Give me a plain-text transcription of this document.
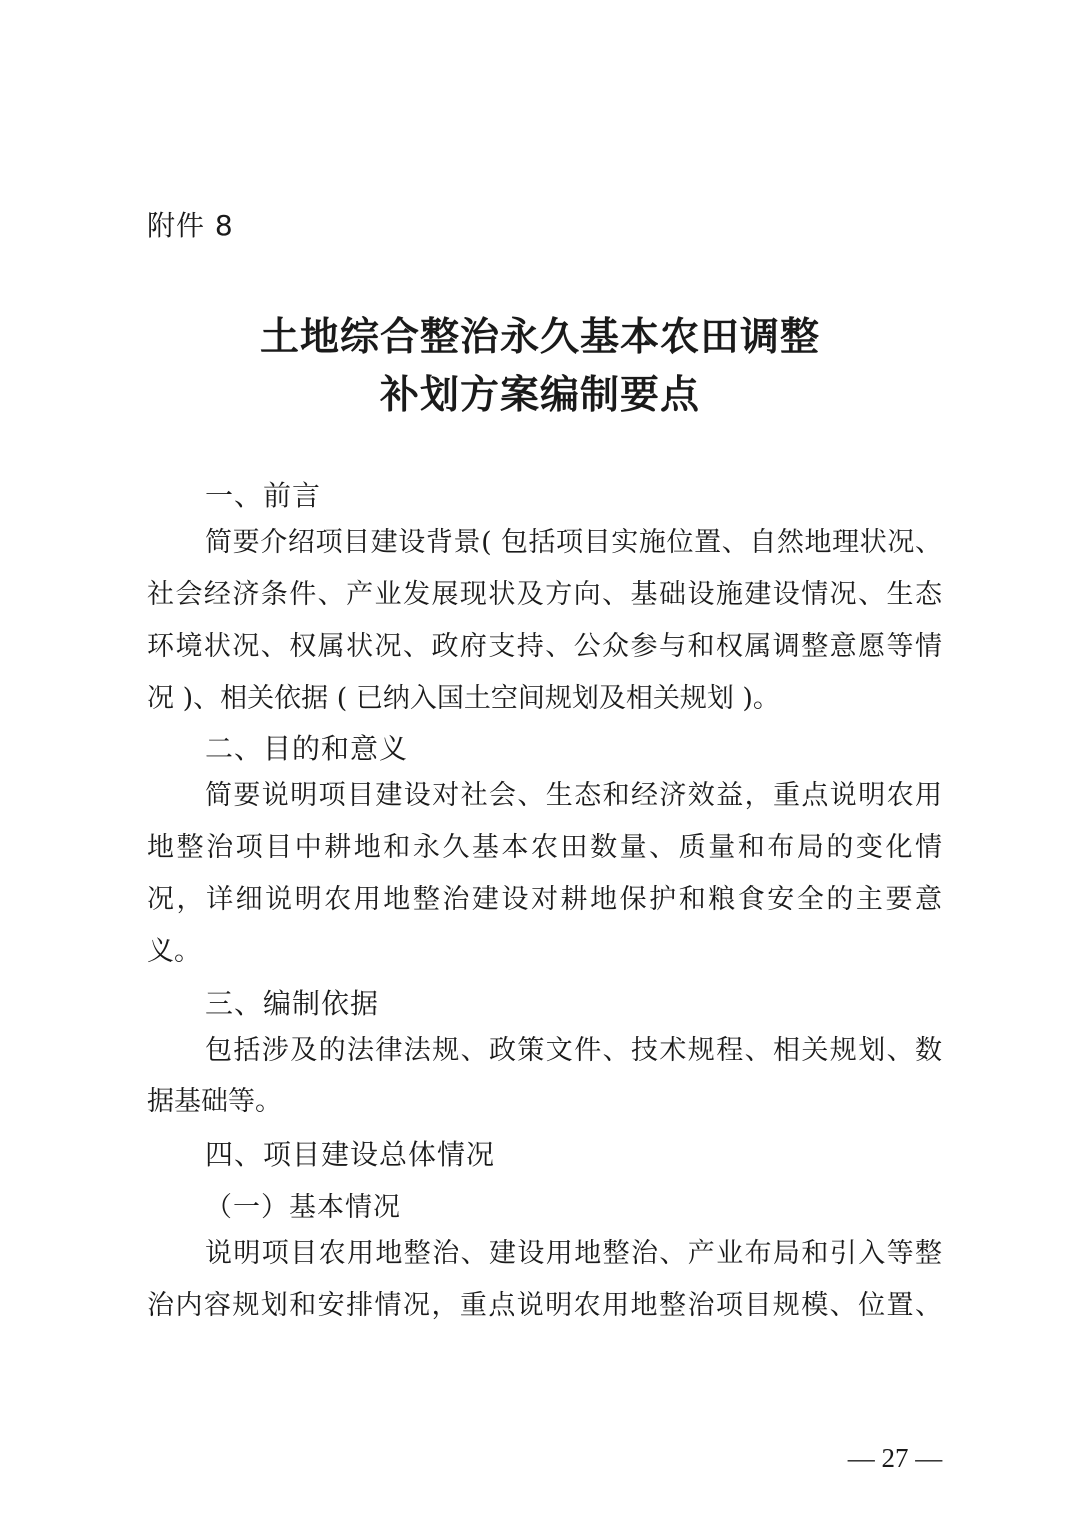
附件 8
土地综合整治永久基本农田调整
补划方案编制要点
一、前言
简要介绍项目建设背景( 包括项目实施位置、自然地理状况、
社会经济条件、产业发展现状及方向、基础设施建设情况、生态
环境状况、权属状况、政府支持、公众参与和权属调整意愿等情
况 )、相关依据 ( 已纳入国土空间规划及相关规划 )。
二、目的和意义
简要说明项目建设对社会、生态和经济效益，重点说明农用
地整治项目中耕地和永久基本农田数量、质量和布局的变化情
况，详细说明农用地整治建设对耕地保护和粮食安全的主要意
义。
三、编制依据
包括涉及的法律法规、政策文件、技术规程、相关规划、数
据基础等。
四、项目建设总体情况
（一）基本情况
说明项目农用地整治、建设用地整治、产业布局和引入等整
治内容规划和安排情况，重点说明农用地整治项目规模、位置、
— 27 —
